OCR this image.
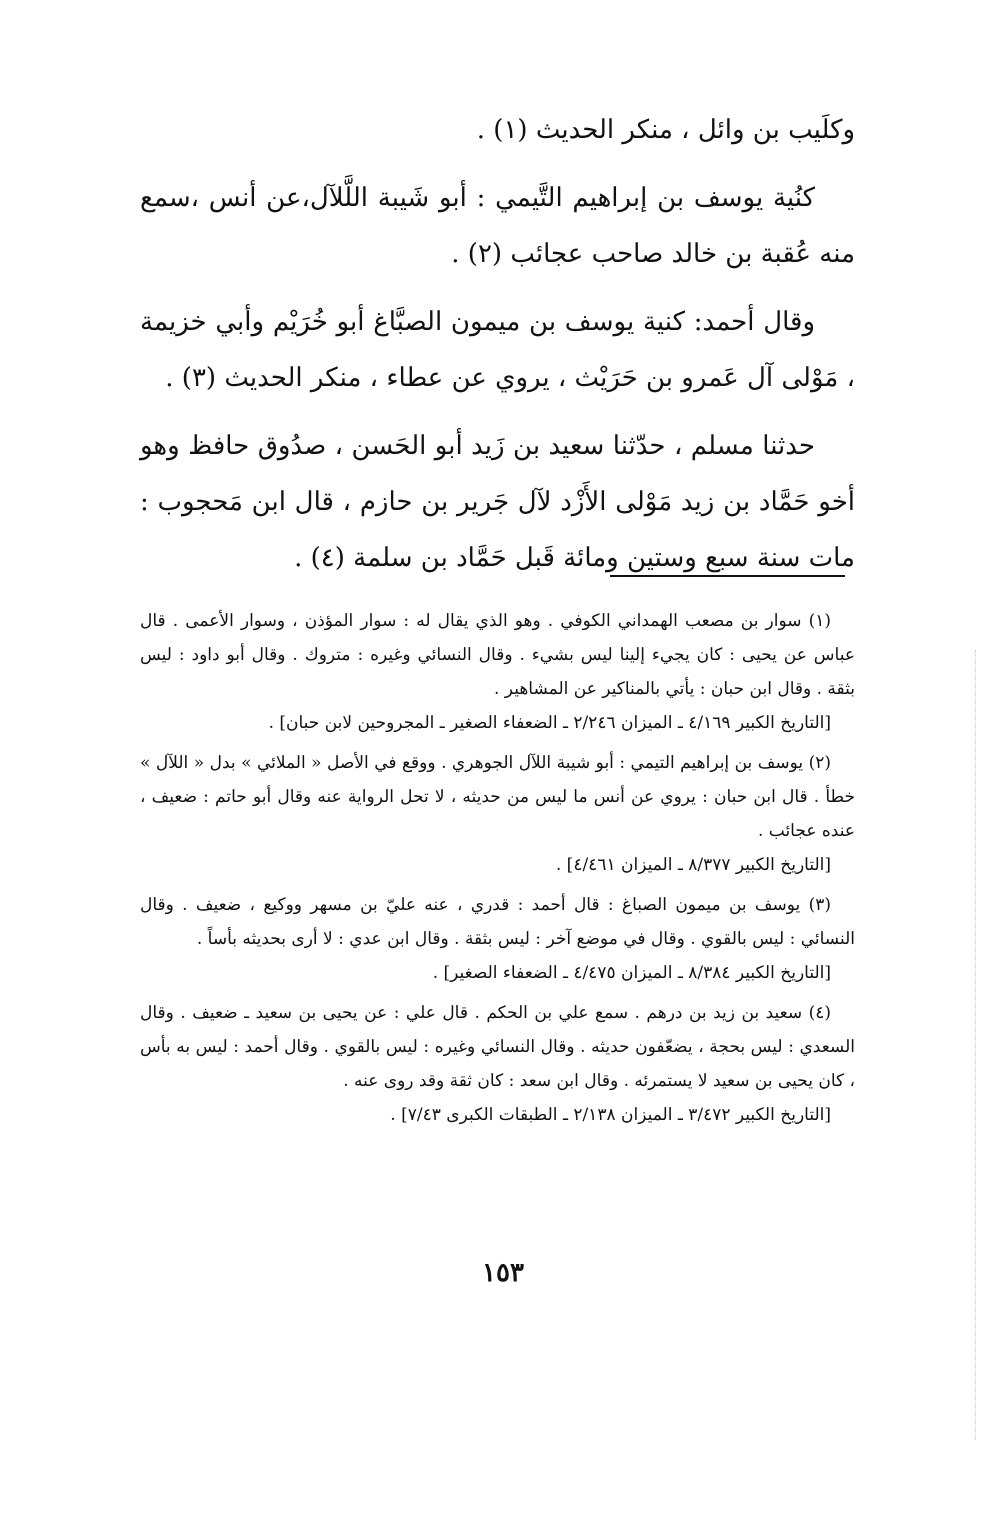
وكلَيب بن وائل ، منكر الحديث (١) .

كنُية يوسف بن إبراهيم التَّيمي : أبو شَيبة اللَّلآل،عن أنس ،سمع منه عُقبة بن خالد صاحب عجائب (٢) .

وقال أحمد: كنية يوسف بن ميمون الصبَّاغ أبو خُرَيْم وأبي خزيمة ، مَوْلى آل عَمرو بن حَرَيْث ، يروي عن عطاء ، منكر الحديث (٣) .

حدثنا مسلم ، حدّثنا سعيد بن زَيد أبو الحَسن ، صدُوق حافظ وهو أخو حَمَّاد بن زيد مَوْلى الأَزْد لآل جَرير بن حازم ، قال ابن مَحجوب : مات سنة سبع وستين ومائة قَبل حَمَّاد بن سلمة (٤) .

(١) سوار بن مصعب الهمداني الكوفي . وهو الذي يقال له : سوار المؤذن ، وسوار الأعمى . قال عباس عن يحيى : كان يجيء إلينا ليس بشيء . وقال النسائي وغيره : متروك . وقال أبو داود : ليس بثقة . وقال ابن حبان : يأتي بالمناكير عن المشاهير .

[التاريخ الكبير ٤/١٦٩ ـ الميزان ٢/٢٤٦ ـ الضعفاء الصغير ـ المجروحين لابن حبان] .

(٢) يوسف بن إبراهيم التيمي : أبو شيبة اللآل الجوهري . ووقع في الأصل « الملائي » بدل « اللآل » خطأ . قال ابن حبان : يروي عن أنس ما ليس من حديثه ، لا تحل الرواية عنه وقال أبو حاتم : ضعيف ، عنده عجائب .

[التاريخ الكبير ٨/٣٧٧ ـ الميزان ٤/٤٦١] .

(٣) يوسف بن ميمون الصباغ : قال أحمد : قدري ، عنه عليّ بن مسهر ووكيع ، ضعيف . وقال النسائي : ليس بالقوي . وقال في موضع آخر : ليس بثقة . وقال ابن عدي : لا أرى بحديثه بأساً .

[التاريخ الكبير ٨/٣٨٤ ـ الميزان ٤/٤٧٥ ـ الضعفاء الصغير] .

(٤) سعيد بن زيد بن درهم . سمع علي بن الحكم . قال علي : عن يحيى بن سعيد ـ ضعيف . وقال السعدي : ليس بحجة ، يضعّفون حديثه . وقال النسائي وغيره : ليس بالقوي . وقال أحمد : ليس به بأس ، كان يحيى بن سعيد لا يستمرئه . وقال ابن سعد : كان ثقة وقد روى عنه .

[التاريخ الكبير ٣/٤٧٢ ـ الميزان ٢/١٣٨ ـ الطبقات الكبرى ٧/٤٣] .

١٥٣
